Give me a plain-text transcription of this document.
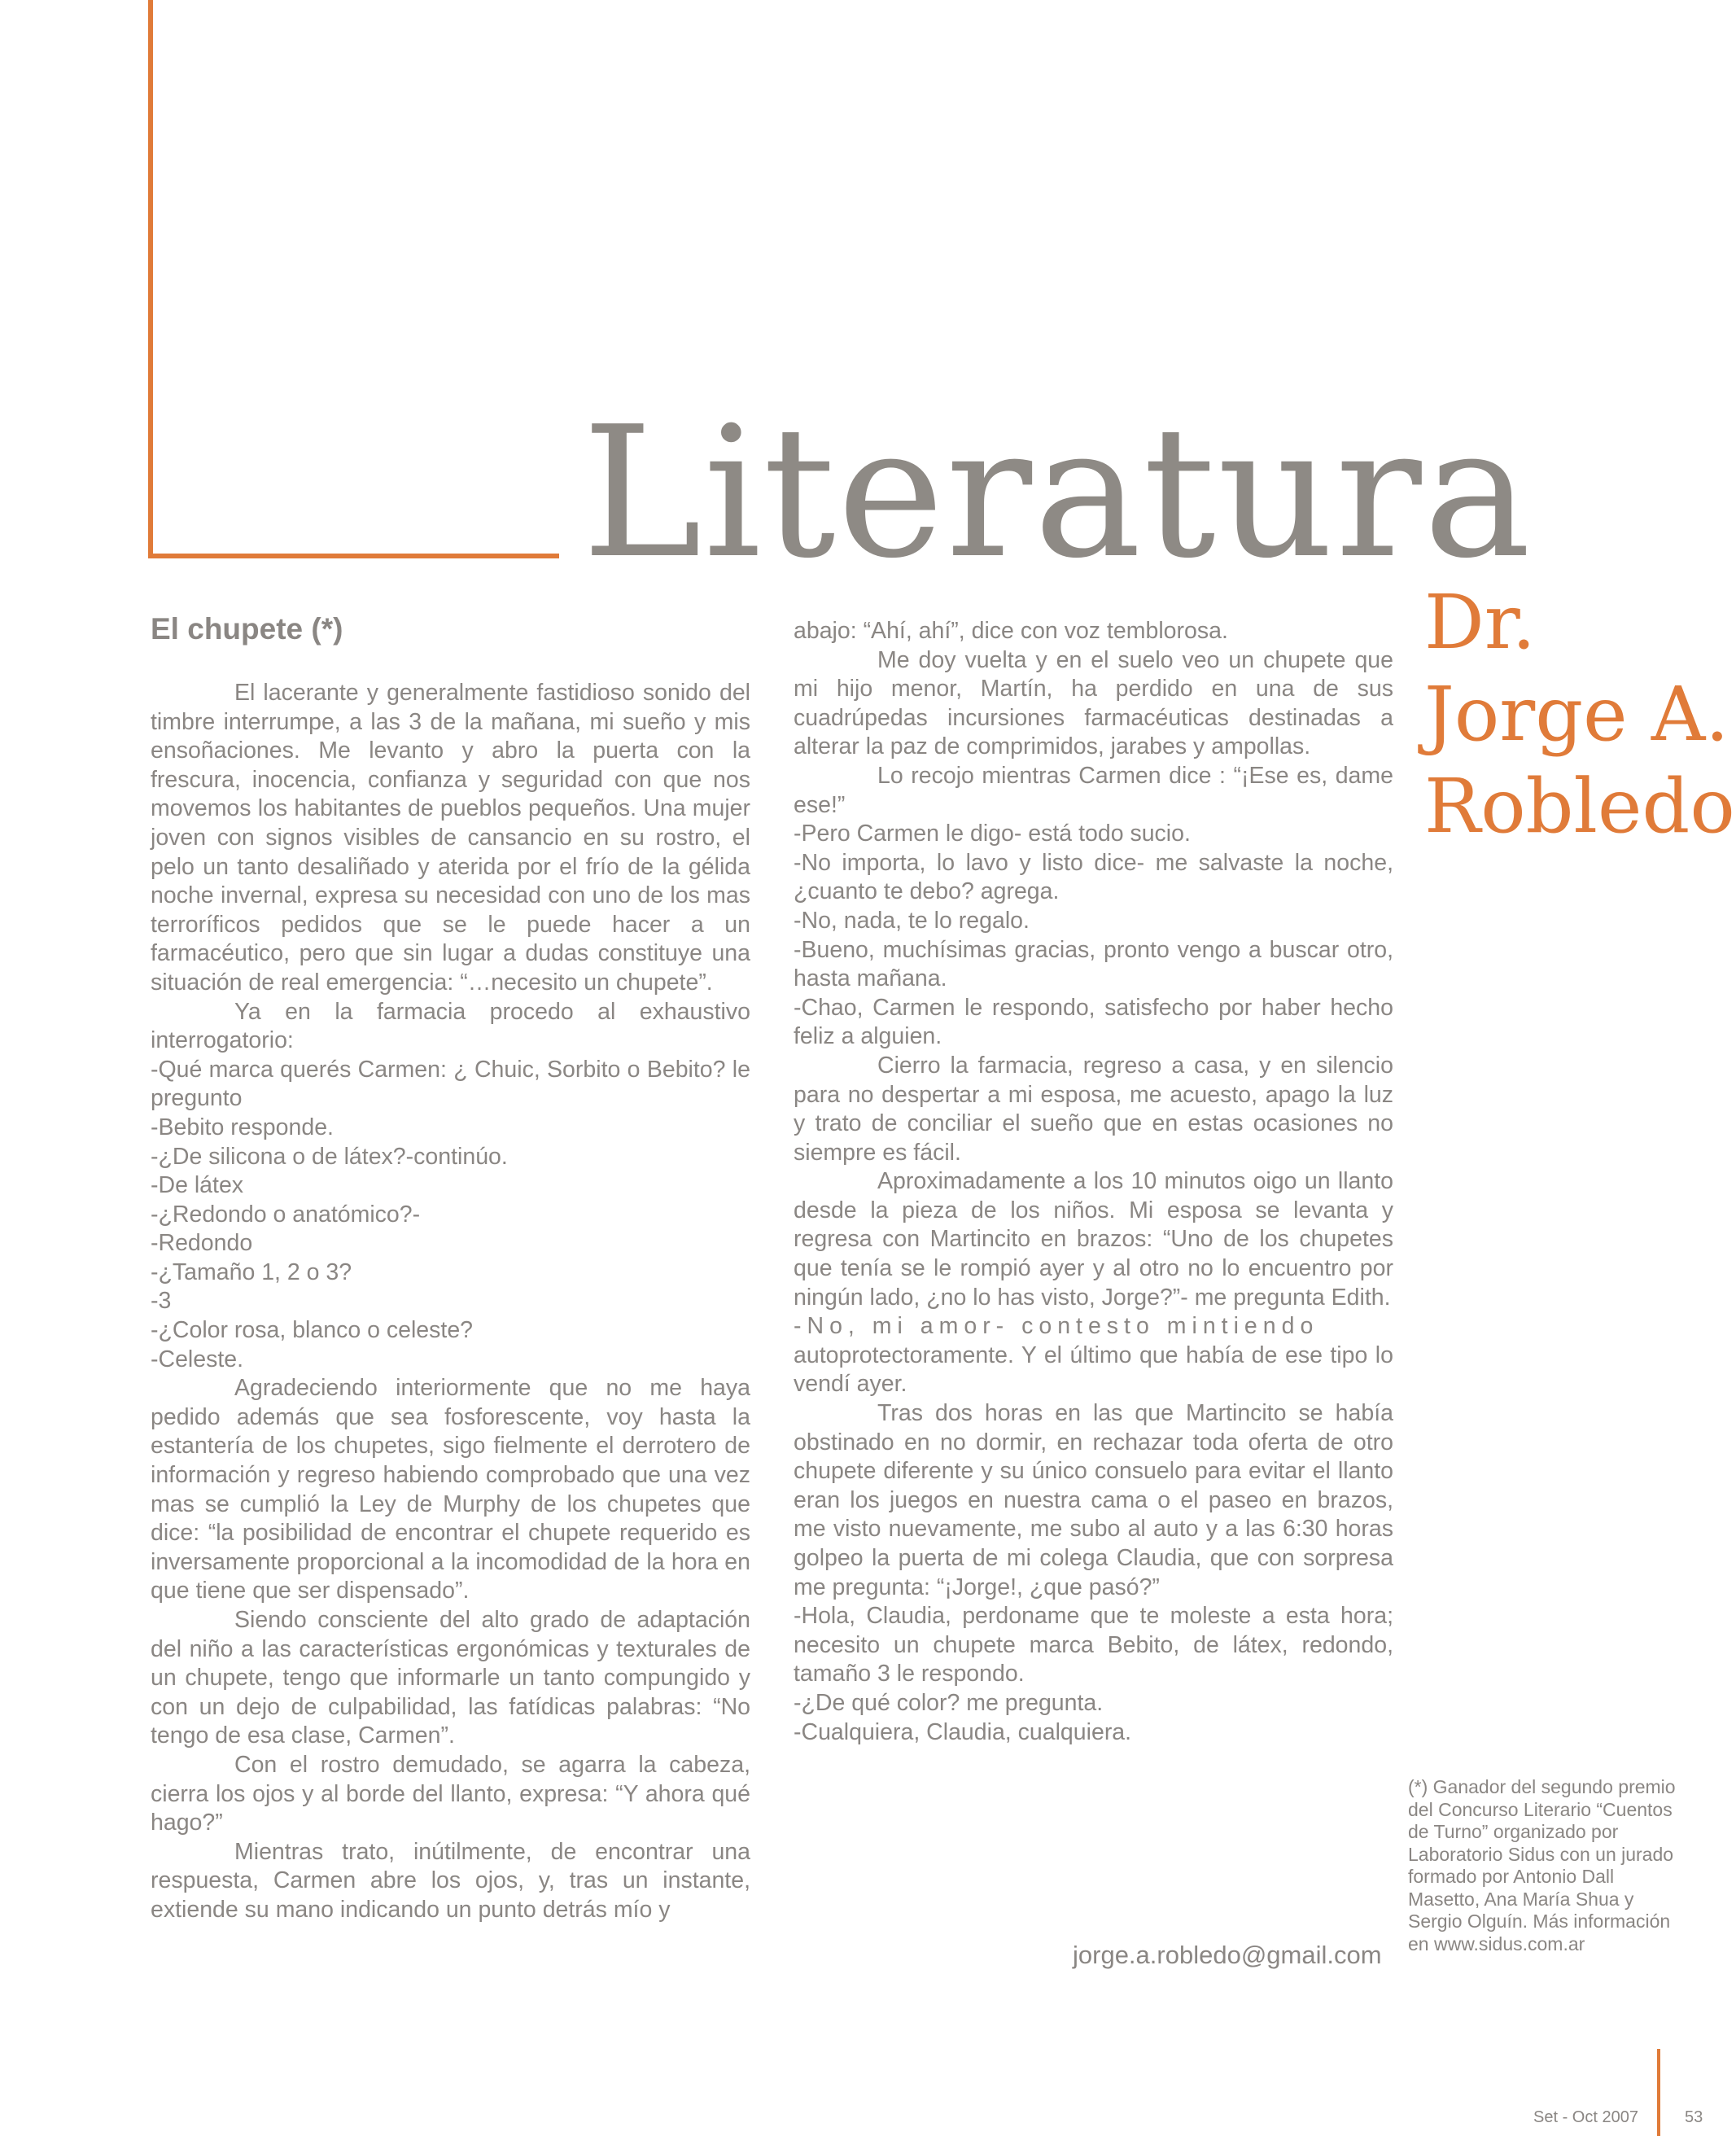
Literatura
Dr.
Jorge A.
Robledo
El chupete (*)

El lacerante y generalmente fastidioso sonido del timbre interrumpe, a las 3 de la mañana, mi sueño y mis ensoñaciones. Me levanto y abro la puerta con la frescura, inocencia, confianza y seguridad con que nos movemos los habitantes de pueblos pequeños. Una mujer joven con signos visibles de cansancio en su rostro, el pelo un tanto desaliñado y aterida por el frío de la gélida noche invernal, expresa su necesidad con uno de los mas terroríficos pedidos que se le puede hacer a un farmacéutico, pero que sin lugar a dudas constituye una situación de real emergencia: “…necesito un chupete”.

Ya en la farmacia procedo al exhaustivo interrogatorio:

-Qué marca querés Carmen: ¿ Chuic, Sorbito o Bebito? le pregunto

-Bebito responde.

-¿De silicona o de látex?-continúo.

-De látex

-¿Redondo o anatómico?-

-Redondo

-¿Tamaño 1, 2 o 3?

-3

-¿Color rosa, blanco o celeste?

-Celeste.

Agradeciendo interiormente que no me haya pedido además que sea fosforescente, voy hasta la estantería de los chupetes, sigo fielmente el derrotero de información y regreso habiendo comprobado que una vez mas se cumplió la Ley de Murphy de los chupetes que dice: “la posibilidad de encontrar el chupete requerido es inversamente proporcional a la incomodidad de la hora en que tiene que ser dispensado”.

Siendo consciente del alto grado de adaptación del niño a las características ergonómicas y texturales de un chupete, tengo que informarle un tanto compungido y con un dejo de culpabilidad, las fatídicas palabras: “No tengo de esa clase, Carmen”.

Con el rostro demudado, se agarra la cabeza, cierra los ojos y al borde del llanto, expresa: “Y ahora qué hago?”

Mientras trato, inútilmente, de encontrar una respuesta, Carmen abre los ojos, y, tras un instante, extiende su mano indicando un punto detrás mío y

abajo: “Ahí, ahí”, dice con voz temblorosa.

Me doy vuelta y en el suelo veo un chupete que mi hijo menor, Martín, ha perdido en una de sus cuadrúpedas incursiones farmacéuticas destinadas a alterar la paz de comprimidos, jarabes y ampollas.

Lo recojo mientras Carmen dice : “¡Ese es, dame ese!”

-Pero Carmen le digo- está todo sucio.

-No importa, lo lavo y listo dice- me salvaste la noche, ¿cuanto te debo? agrega.

-No, nada, te lo regalo.

-Bueno, muchísimas gracias, pronto vengo a buscar otro, hasta mañana.

-Chao, Carmen le respondo, satisfecho por haber hecho feliz a alguien.

Cierro la farmacia, regreso a casa, y en silencio para no despertar a mi esposa, me acuesto, apago la luz y trato de conciliar el sueño que en estas ocasiones no siempre es fácil.

Aproximadamente a los 10 minutos oigo un llanto desde la pieza de los niños. Mi esposa se levanta y regresa con Martincito en brazos: “Uno de los chupetes que tenía se le rompió ayer y al otro no lo encuentro por ningún lado, ¿no lo has visto, Jorge?”- me pregunta Edith.

-No, mi amor- contesto mintiendo

autoprotectoramente. Y el último que había de ese tipo lo vendí ayer.

Tras dos horas en las que Martincito se había obstinado en no dormir, en rechazar toda oferta de otro chupete diferente y su único consuelo para evitar el llanto eran los juegos en nuestra cama o el paseo en brazos, me visto nuevamente, me subo al auto y a las 6:30 horas golpeo la puerta de mi colega Claudia, que con sorpresa me pregunta: “¡Jorge!, ¿que pasó?”

-Hola, Claudia, perdoname que te moleste a esta hora; necesito un chupete marca Bebito, de látex, redondo, tamaño 3 le respondo.

-¿De qué color? me pregunta.

-Cualquiera, Claudia, cualquiera.

(*) Ganador del segundo premio del Concurso Literario “Cuentos de Turno” organizado por Laboratorio Sidus con un jurado formado por Antonio Dall Masetto, Ana María Shua y Sergio Olguín. Más información en www.sidus.com.ar
jorge.a.robledo@gmail.com
Set - Oct 2007	53
